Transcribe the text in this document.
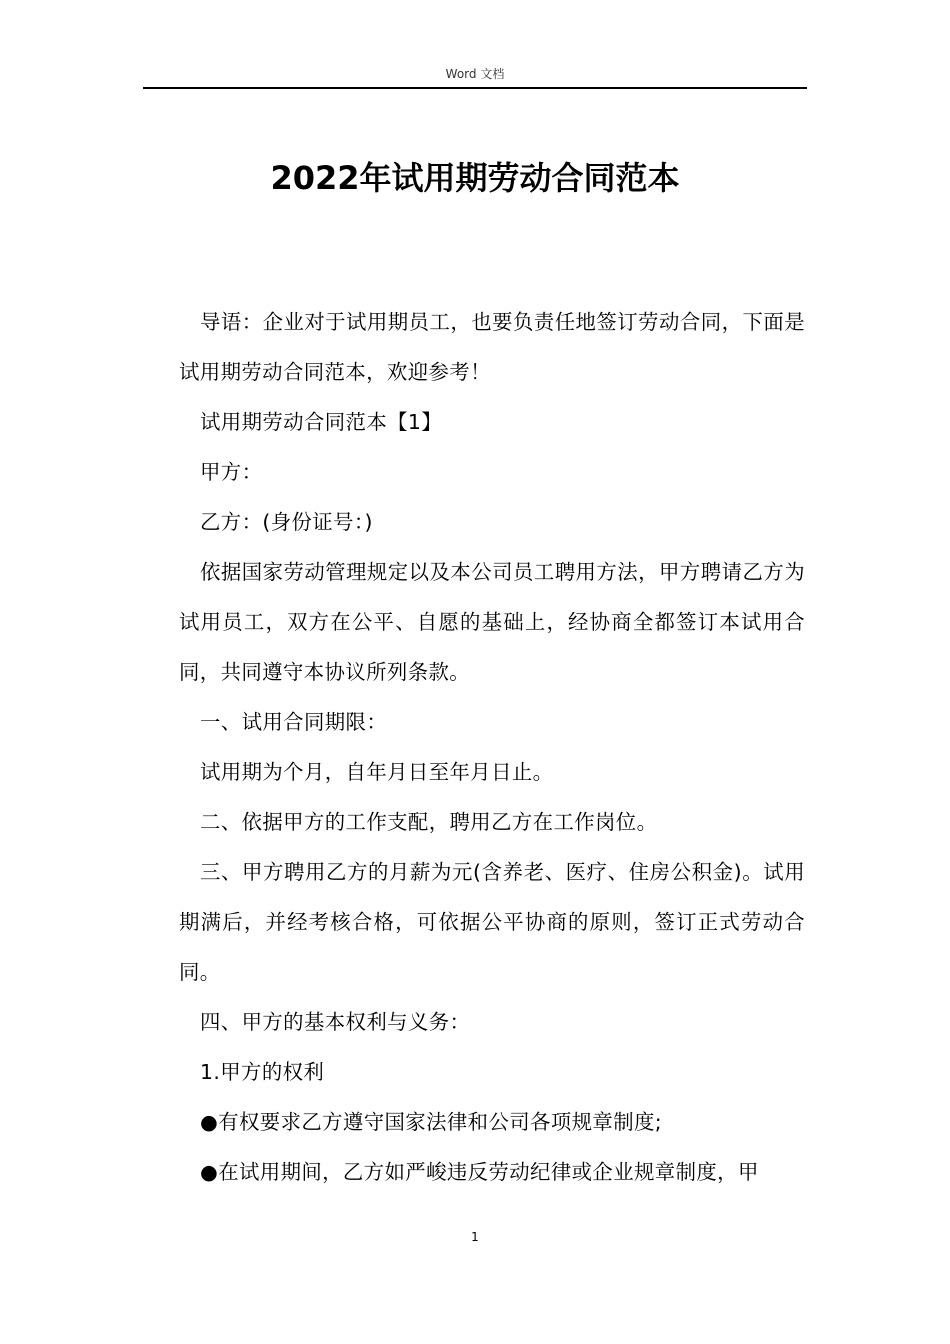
Word 文档
2022年试用期劳动合同范本

导语：企业对于试用期员工，也要负责任地签订劳动合同，下面是试用期劳动合同范本，欢迎参考！

试用期劳动合同范本【1】

甲方：

乙方：(身份证号：)

依据国家劳动管理规定以及本公司员工聘用方法，甲方聘请乙方为试用员工，双方在公平、自愿的基础上，经协商全都签订本试用合同，共同遵守本协议所列条款。

一、试用合同期限：

试用期为个月，自年月日至年月日止。

二、依据甲方的工作支配，聘用乙方在工作岗位。

三、甲方聘用乙方的月薪为元(含养老、医疗、住房公积金)。试用期满后，并经考核合格，可依据公平协商的原则，签订正式劳动合同。

四、甲方的基本权利与义务：

1.甲方的权利

●有权要求乙方遵守国家法律和公司各项规章制度;

●在试用期间，乙方如严峻违反劳动纪律或企业规章制度，甲

1
